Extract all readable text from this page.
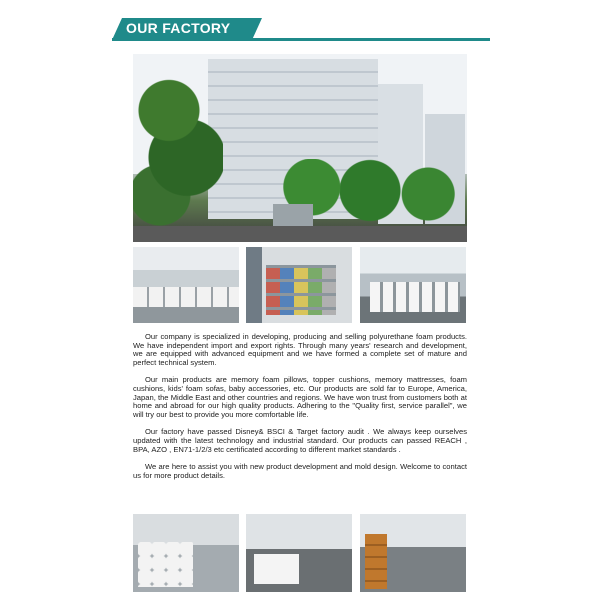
OUR FACTORY

Our company is specialized in developing, producing and selling polyurethane foam products. We have independent import and export rights. Through many years' research and development, we are equipped with advanced equipment and we have formed a complete set of mature and perfect technical system.

Our main products are memory foam pillows, topper cushions, memory mattresses, foam cushions, kids' foam sofas, baby accessories, etc. Our products are sold far to Europe, America, Japan, the Middle East and other countries and regions. We have won trust from customers both at home and abroad for our high quality products. Adhering to the "Quality first, service parallel", we will try our best to provide you more comfortable life.

Our factory have passed Disney& BSCI & Target factory audit . We always keep ourselves updated with the latest technology and industrial standard. Our products can passed REACH , BPA, AZO , EN71-1/2/3 etc certificated according to different market standards .

We are here to assist you with new product development and mold design. Welcome to contact us for more product details.
